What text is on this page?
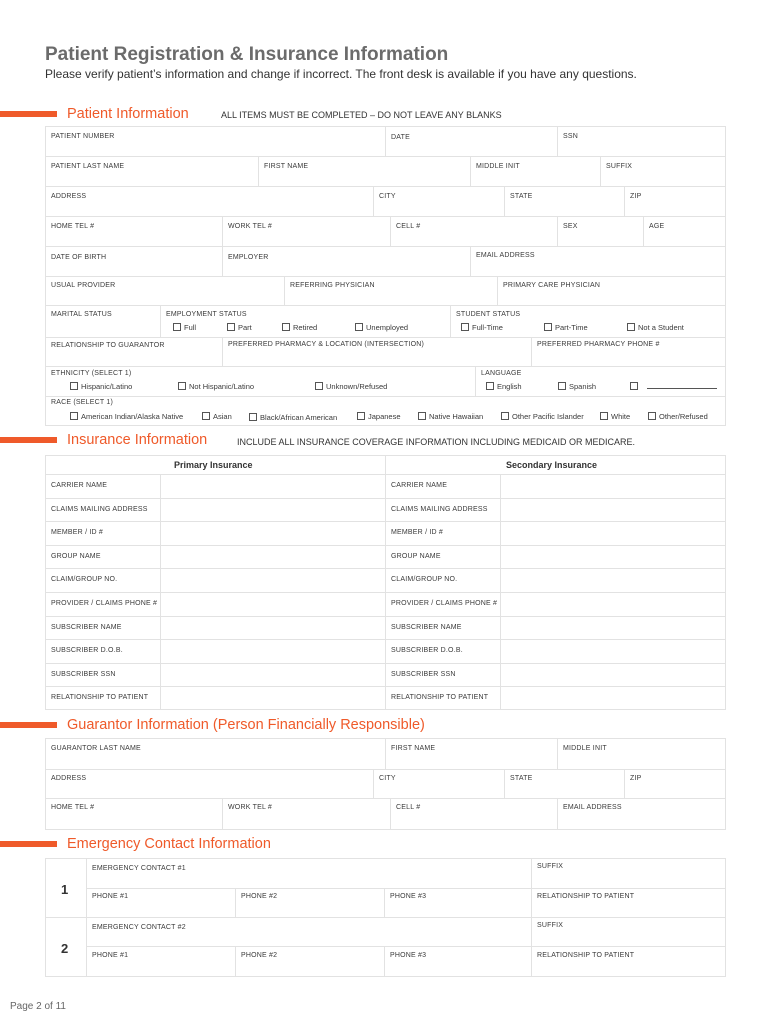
Patient Registration & Insurance Information
Please verify patient’s information and change if incorrect. The front desk is available if you have any questions.
Patient Information	ALL ITEMS MUST BE COMPLETED – DO NOT LEAVE ANY BLANKS
PATIENT NUMBER	DATE	SSN
PATIENT LAST NAME	FIRST NAME	MIDDLE INIT	SUFFIX
ADDRESS	CITY	STATE	ZIP
HOME TEL #	WORK TEL #	CELL #	SEX	AGE
DATE OF BIRTH	EMPLOYER	EMAIL ADDRESS
USUAL PROVIDER	REFERRING PHYSICIAN	PRIMARY CARE PHYSICIAN
MARITAL STATUS	EMPLOYMENT STATUS	STUDENT STATUS
Full	Part	Retired	Unemployed	Full-Time	Part-Time	Not a Student
RELATIONSHIP TO GUARANTOR	PREFERRED PHARMACY & LOCATION (INTERSECTION)	PREFERRED PHARMACY PHONE #
ETHNICITY (SELECT 1)	LANGUAGE
Hispanic/Latino	Not Hispanic/Latino	Unknown/Refused	English	Spanish
RACE (SELECT 1)
American Indian/Alaska Native	Asian	Black/African American	Japanese	Native Hawaiian	Other Pacific Islander	White	Other/Refused
Insurance Information	INCLUDE ALL INSURANCE COVERAGE INFORMATION INCLUDING MEDICAID OR MEDICARE.
Primary Insurance	Secondary Insurance
CARRIER NAME	CARRIER NAME
CLAIMS MAILING ADDRESS	CLAIMS MAILING ADDRESS
MEMBER / ID #	MEMBER / ID #
GROUP NAME	GROUP NAME
CLAIM/GROUP NO.	CLAIM/GROUP NO.
PROVIDER / CLAIMS PHONE #	PROVIDER / CLAIMS PHONE #
SUBSCRIBER NAME	SUBSCRIBER NAME
SUBSCRIBER D.O.B.	SUBSCRIBER D.O.B.
SUBSCRIBER SSN	SUBSCRIBER SSN
RELATIONSHIP TO PATIENT	RELATIONSHIP TO PATIENT
Guarantor Information (Person Financially Responsible)
GUARANTOR LAST NAME	FIRST NAME	MIDDLE INIT
ADDRESS	CITY	STATE	ZIP
HOME TEL #	WORK TEL #	CELL #	EMAIL ADDRESS
Emergency Contact Information
1
EMERGENCY CONTACT #1	SUFFIX
PHONE #1	PHONE #2	PHONE #3	RELATIONSHIP TO PATIENT
2
EMERGENCY CONTACT #2	SUFFIX
PHONE #1	PHONE #2	PHONE #3	RELATIONSHIP TO PATIENT
Page 2 of 11
